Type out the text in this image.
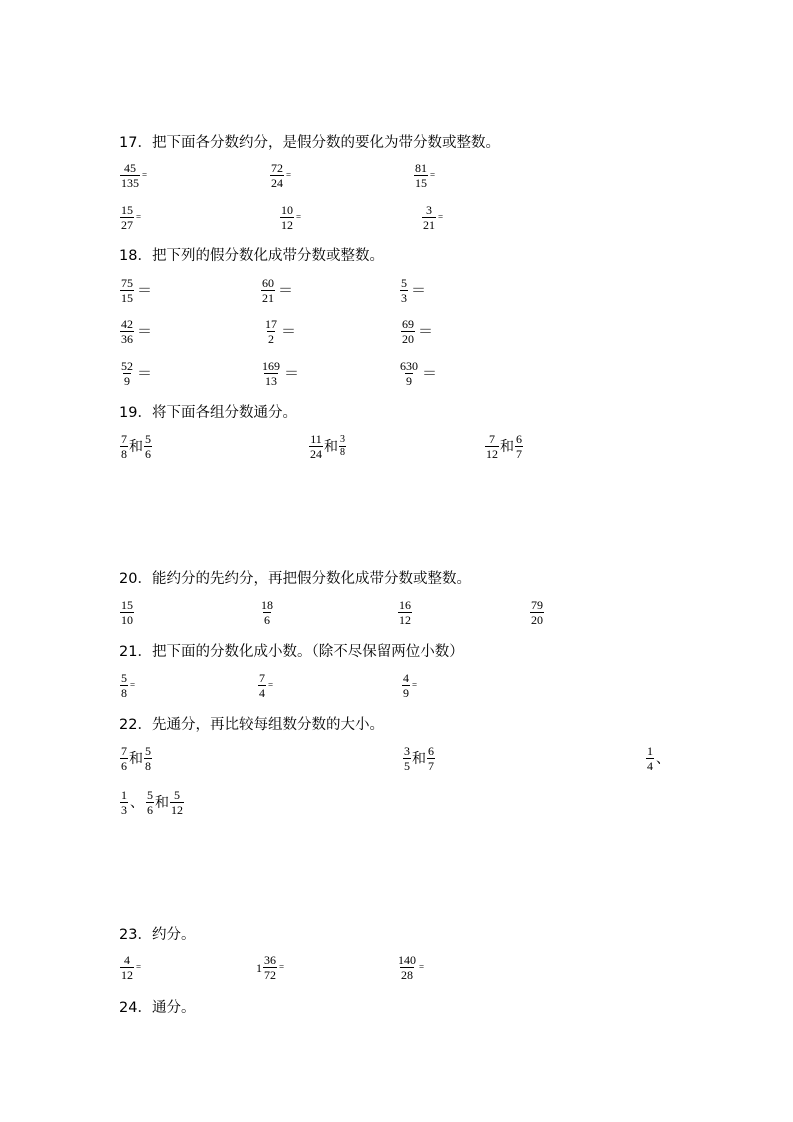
17．把下面各分数约分，是假分数的要化为带分数或整数。
$\frac{45}{135}$ =	$\frac{72}{24}$ =	$\frac{81}{15}$ =
$\frac{15}{27}$ =	$\frac{10}{12}$ =	$\frac{3}{21}$ =
18．把下列的假分数化成带分数或整数。
$\frac{75}{15}$ ＝	$\frac{60}{21}$ ＝	$\frac{5}{3}$ ＝
$\frac{42}{36}$ ＝	$\frac{17}{2}$ ＝	$\frac{69}{20}$ ＝
$\frac{52}{9}$ ＝	$\frac{169}{13}$ ＝	$\frac{630}{9}$ ＝
19．将下面各组分数通分。
$\frac{7}{8}$ 和 $\frac{5}{6}$	$\frac{11}{24}$ 和 $\frac{3}{8}$	$\frac{7}{12}$ 和 $\frac{6}{7}$
20．能约分的先约分，再把假分数化成带分数或整数。
$\frac{15}{10}$	$\frac{18}{6}$	$\frac{16}{12}$	$\frac{79}{20}$
21．把下面的分数化成小数。（除不尽保留两位小数）
$\frac{5}{8}$ =	$\frac{7}{4}$ =	$\frac{4}{9}$ =
22．先通分，再比较每组数分数的大小。
$\frac{7}{6}$ 和 $\frac{5}{8}$	$\frac{3}{5}$ 和 $\frac{6}{7}$	$\frac{1}{4}$ 、
$\frac{1}{3}$ 、 $\frac{5}{6}$ 和 $\frac{5}{12}$
23．约分。
$\frac{4}{12}$ =	$1 \frac{36}{72}$ =	$\frac{140}{28}$ =
24．通分。
